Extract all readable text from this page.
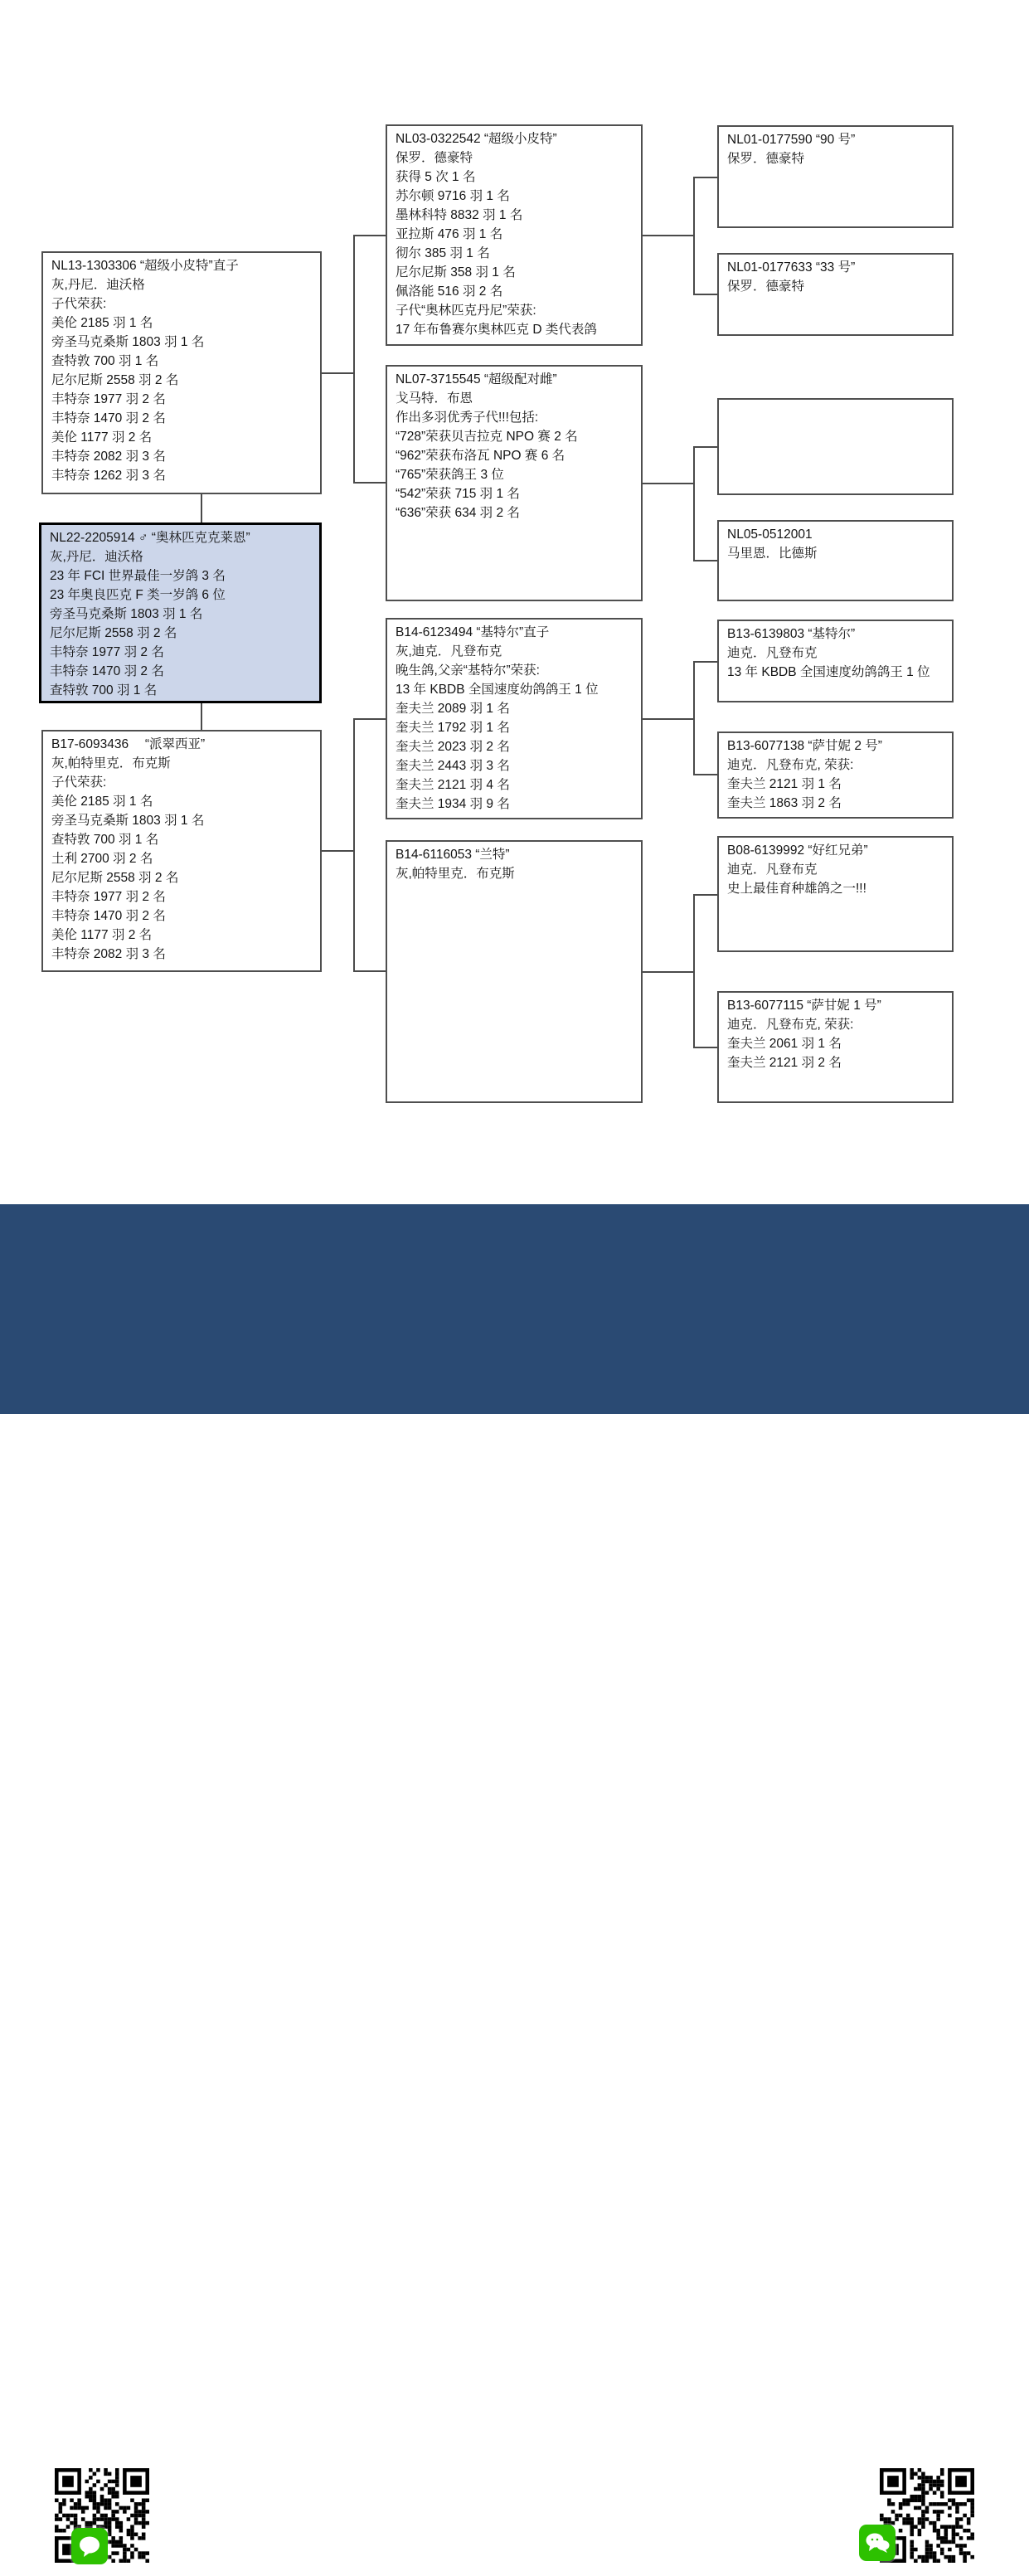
NL13-1303306 “超级小皮特”直子
灰,丹尼．迪沃格
子代荣获:
美伦 2185 羽 1 名
旁圣马克桑斯 1803 羽 1 名
查特敦 700 羽 1 名
尼尔尼斯 2558 羽 2 名
丰特奈 1977 羽 2 名
丰特奈 1470 羽 2 名
美伦 1177 羽 2 名
丰特奈 2082 羽 3 名
丰特奈 1262 羽 3 名
NL22-2205914 ♂ “奥林匹克克莱恩”
灰,丹尼．迪沃格
23 年 FCI 世界最佳一岁鸽 3 名
23 年奥良匹克 F 类一岁鸽 6 位
旁圣马克桑斯 1803 羽 1 名
尼尔尼斯 2558 羽 2 名
丰特奈 1977 羽 2 名
丰特奈 1470 羽 2 名
查特敦 700 羽 1 名
B17-6093436　 “派翠西亚”
灰,帕特里克．布克斯
子代荣获:
美伦 2185 羽 1 名
旁圣马克桑斯 1803 羽 1 名
查特敦 700 羽 1 名
土利 2700 羽 2 名
尼尔尼斯 2558 羽 2 名
丰特奈 1977 羽 2 名
丰特奈 1470 羽 2 名
美伦 1177 羽 2 名
丰特奈 2082 羽 3 名
NL03-0322542 “超级小皮特”
保罗．德豪特
获得 5 次 1 名
苏尔顿 9716 羽 1 名
墨林科特 8832 羽 1 名
亚拉斯 476 羽 1 名
彻尔 385 羽 1 名
尼尔尼斯 358 羽 1 名
佩洛能 516 羽 2 名
子代“奥林匹克丹尼”荣获:
17 年布鲁赛尔奥林匹克 D 类代表鸽
NL07-3715545 “超级配对雌”
戈马特．布恩
作出多羽优秀子代!!!包括:
“728”荣获贝吉拉克 NPO 赛 2 名
“962”荣获布洛瓦 NPO 赛 6 名
“765”荣获鸽王 3 位
“542”荣获 715 羽 1 名
“636”荣获 634 羽 2 名
B14-6123494 “基特尔”直子
灰,迪克．凡登布克
晚生鸽,父亲“基特尔”荣获:
13 年 KBDB 全国速度幼鸽鸽王 1 位
奎夫兰 2089 羽 1 名
奎夫兰 1792 羽 1 名
奎夫兰 2023 羽 2 名
奎夫兰 2443 羽 3 名
奎夫兰 2121 羽 4 名
奎夫兰 1934 羽 9 名
B14-6116053 “兰特”
灰,帕特里克．布克斯
NL01-0177590 “90 号”
保罗．德豪特
NL01-0177633 “33 号”
保罗．德豪特
NL05-0512001
马里恩．比德斯
B13-6139803 “基特尔”
迪克．凡登布克
13 年 KBDB 全国速度幼鸽鸽王 1 位
B13-6077138 “萨甘妮 2 号”
迪克．凡登布克, 荣获:
奎夫兰 2121 羽 1 名
奎夫兰 1863 羽 2 名
B08-6139992 “好红兄弟”
迪克．凡登布克
史上最佳育种雄鸽之一!!!
B13-6077115 “萨甘妮 1 号”
迪克．凡登布克, 荣获:
奎夫兰 2061 羽 1 名
奎夫兰 2121 羽 2 名
Herbots 品质至上 WWW.HERBOTS.BE
jo@herbots.be - miet@herbots.be - wangting@herbots.be - pieterjan@herbots.be
台灣聯絡人盧婉婷小姐： +32 471 19 55 24　　中国联络人逯晽一先生： +86 131 2015 0755
贺伯特家族...秉持品质第一与诚实可靠，力求提供完美的服务！
